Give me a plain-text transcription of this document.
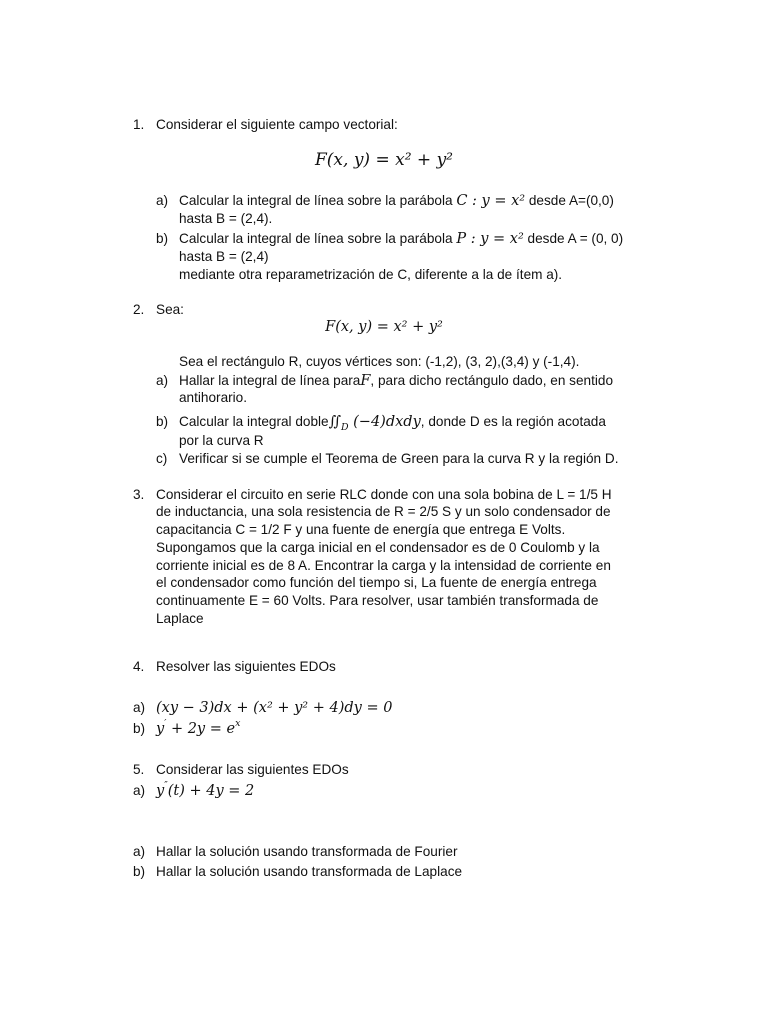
1. Considerar el siguiente campo vectorial:
F(x, y) = x² + y²
a) Calcular la integral de línea sobre la parábola C : y = x² desde A=(0,0)
hasta B = (2,4).
b) Calcular la integral de línea sobre la parábola P : y = x² desde A = (0, 0)
hasta B = (2,4)
mediante otra reparametrización de C, diferente a la de ítem a).
2. Sea:
F(x, y) = x² + y²
Sea el rectángulo R, cuyos vértices son: (-1,2), (3, 2),(3,4) y (-1,4).
a) Hallar la integral de línea paraF, para dicho rectángulo dado, en sentido
antihorario.
b) Calcular la integral $doble∬_D$ (−4)dxdy, donde D es la región acotada
por la curva R
c) Verificar si se cumple el Teorema de Green para la curva R y la región D.
3. Considerar el circuito en serie RLC donde con una sola bobina de L = 1/5 H
de inductancia, una sola resistencia de R = 2/5 S y un solo condensador de
capacitancia C = 1/2 F y una fuente de energía que entrega E Volts.
Supongamos que la carga inicial en el condensador es de 0 Coulomb y la
corriente inicial es de 8 A. Encontrar la carga y la intensidad de corriente en
el condensador como función del tiempo si, La fuente de energía entrega
continuamente E = 60 Volts. Para resolver, usar también transformada de
Laplace
4. Resolver las siguientes EDOs
a) (xy − 3)dx + (x² + y² + 4)dy = 0
b) $y' + 2y = e^x$
5. Considerar las siguientes EDOs
a) y″(t) + 4y = 2
a) Hallar la solución usando transformada de Fourier
b) Hallar la solución usando transformada de Laplace
